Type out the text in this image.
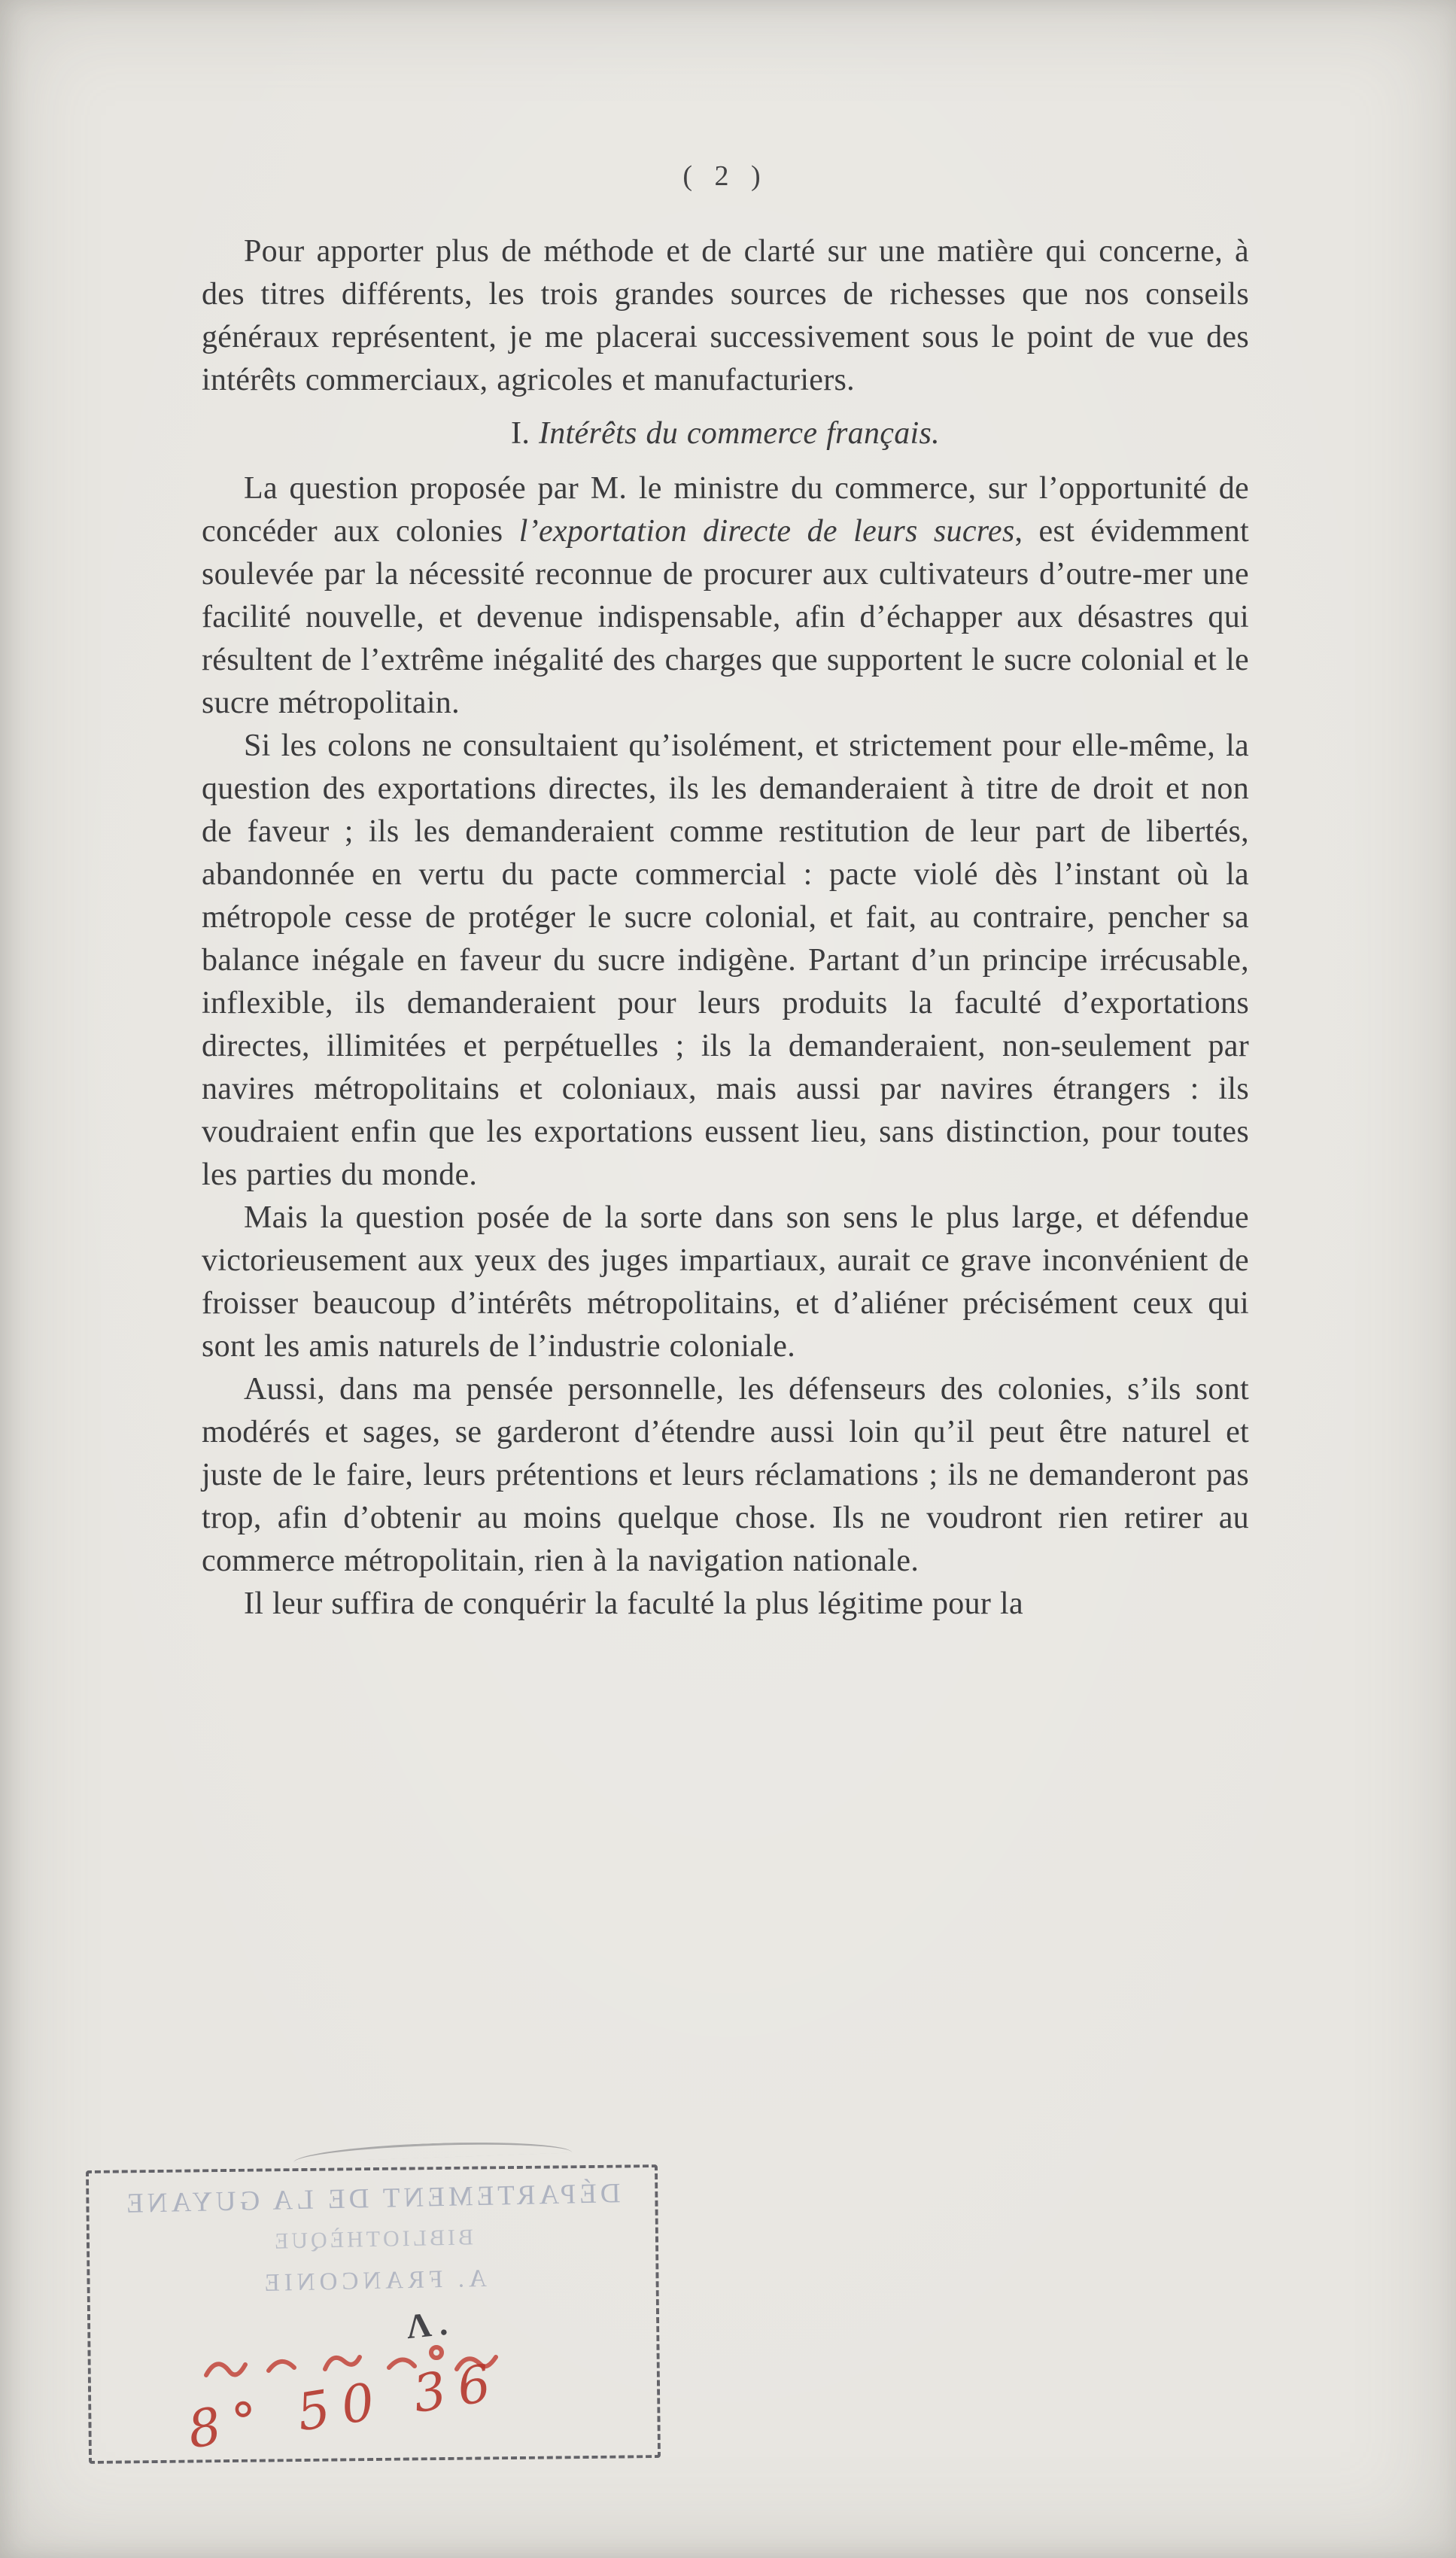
( 2 )

Pour apporter plus de méthode et de clarté sur une matière qui concerne, à des titres différents, les trois grandes sources de richesses que nos conseils généraux représentent, je me placerai successivement sous le point de vue des intérêts commerciaux, agricoles et manufacturiers.

I. Intérêts du commerce français.

La question proposée par M. le ministre du commerce, sur l’opportunité de concéder aux colonies l’exportation directe de leurs sucres, est évidemment soulevée par la nécessité reconnue de procurer aux cultivateurs d’outre-mer une facilité nouvelle, et devenue indispensable, afin d’échapper aux désastres qui résultent de l’extrême inégalité des charges que supportent le sucre colonial et le sucre métropolitain.

Si les colons ne consultaient qu’isolément, et strictement pour elle-même, la question des exportations directes, ils les demanderaient à titre de droit et non de faveur ; ils les demanderaient comme restitution de leur part de libertés, abandonnée en vertu du pacte commercial : pacte violé dès l’instant où la métropole cesse de protéger le sucre colonial, et fait, au contraire, pencher sa balance inégale en faveur du sucre indigène. Partant d’un principe irrécusable, inflexible, ils demanderaient pour leurs produits la faculté d’exportations directes, illimitées et perpétuelles ; ils la demanderaient, non-seulement par navires métropolitains et coloniaux, mais aussi par navires étrangers : ils voudraient enfin que les exportations eussent lieu, sans distinction, pour toutes les parties du monde.

Mais la question posée de la sorte dans son sens le plus large, et défendue victorieusement aux yeux des juges impartiaux, aurait ce grave inconvénient de froisser beaucoup d’intérêts métropolitains, et d’aliéner précisément ceux qui sont les amis naturels de l’industrie coloniale.

Aussi, dans ma pensée personnelle, les défenseurs des colonies, s’ils sont modérés et sages, se garderont d’étendre aussi loin qu’il peut être naturel et juste de le faire, leurs prétentions et leurs réclamations ; ils ne demanderont pas trop, afin d’obtenir au moins quelque chose. Ils ne voudront rien retirer au commerce métropolitain, rien à la navigation nationale.

Il leur suffira de conquérir la faculté la plus légitime pour la

DÉPARTEMENT DE LA GUYANE
BIBLIOTHÈQUE
A. FRANCONIE
Λ.
8° 50 36
